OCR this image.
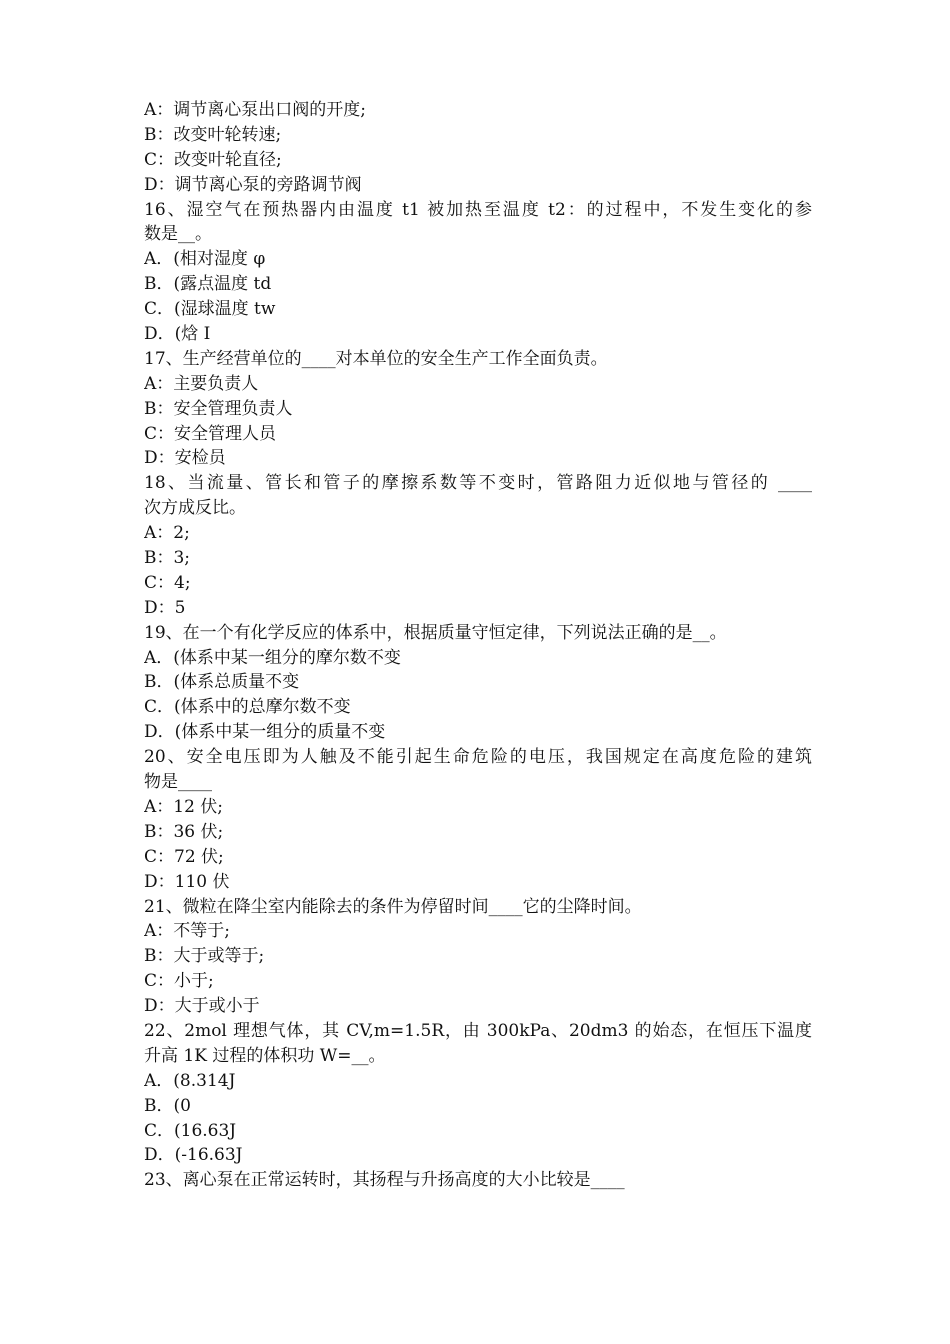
A：调节离心泵出口阀的开度;
B：改变叶轮转速;
C：改变叶轮直径;
D：调节离心泵的旁路调节阀
16、湿空气在预热器内由温度 t1 被加热至温度 t2：的过程中，不发生变化的参
数是__。
A．(相对湿度 φ
B．(露点温度 td
C．(湿球温度 tw
D．(焓 I
17、生产经营单位的____对本单位的安全生产工作全面负责。
A：主要负责人
B：安全管理负责人
C：安全管理人员
D：安检员
18、当流量、管长和管子的摩擦系数等不变时，管路阻力近似地与管径的 ____
次方成反比。
A：2;
B：3;
C：4;
D：5
19、在一个有化学反应的体系中，根据质量守恒定律，下列说法正确的是__。
A．(体系中某一组分的摩尔数不变
B．(体系总质量不变
C．(体系中的总摩尔数不变
D．(体系中某一组分的质量不变
20、安全电压即为人触及不能引起生命危险的电压，我国规定在高度危险的建筑
物是____
A：12 伏;
B：36 伏;
C：72 伏;
D：110 伏
21、微粒在降尘室内能除去的条件为停留时间____它的尘降时间。
A：不等于;
B：大于或等于;
C：小于;
D：大于或小于
22、2mol 理想气体，其 CV,m=1.5R，由 300kPa、20dm3 的始态，在恒压下温度
升高 1K 过程的体积功 W=__。
A．(8.314J
B．(0
C．(16.63J
D．(-16.63J
23、离心泵在正常运转时，其扬程与升扬高度的大小比较是____
